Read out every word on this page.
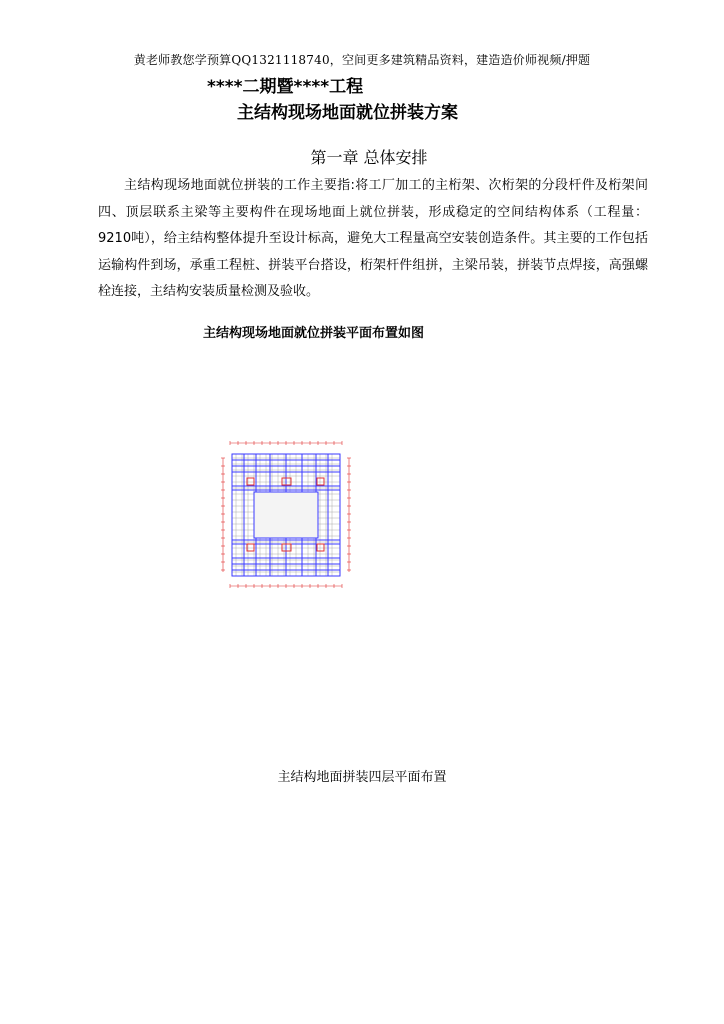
黄老师教您学预算QQ1321118740，空间更多建筑精品资料，建造造价师视频/押题
****二期暨****工程
主结构现场地面就位拼装方案
第一章 总体安排
主结构现场地面就位拼装的工作主要指:将工厂加工的主桁架、次桁架的分段杆件及桁架间四、顶层联系主梁等主要构件在现场地面上就位拼装，形成稳定的空间结构体系（工程量：9210吨），给主结构整体提升至设计标高，避免大工程量高空安装创造条件。其主要的工作包括运输构件到场，承重工程桩、拼装平台搭设，桁架杆件组拼，主梁吊装，拼装节点焊接，高强螺栓连接，主结构安装质量检测及验收。
主结构现场地面就位拼装平面布置如图
主结构地面拼装四层平面布置
